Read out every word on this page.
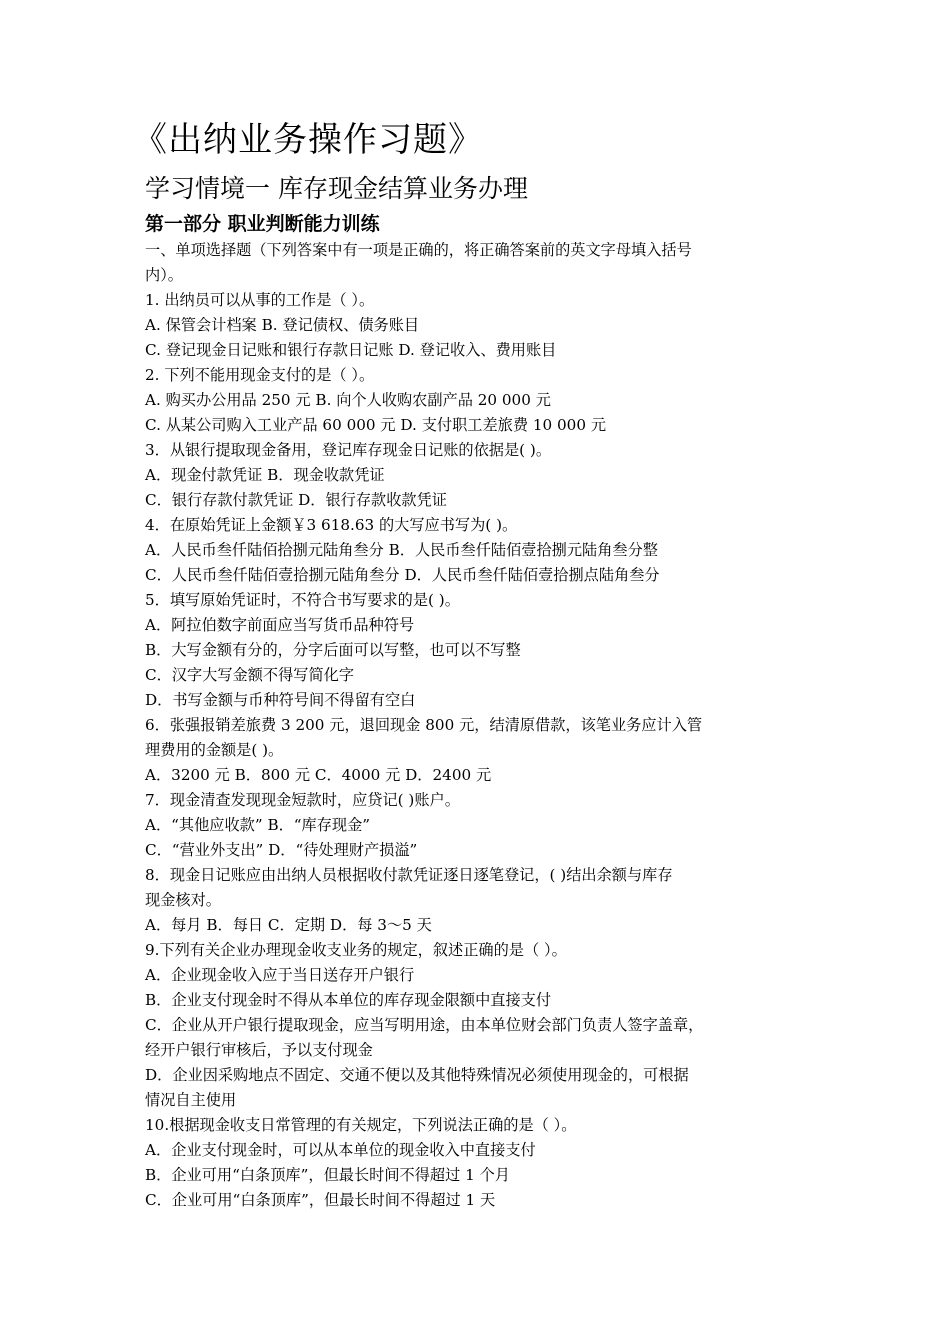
《出纳业务操作习题》
学习情境一 库存现金结算业务办理
第一部分 职业判断能力训练
一、单项选择题（下列答案中有一项是正确的，将正确答案前的英文字母填入括号
内）。
1. 出纳员可以从事的工作是（ ）。
A. 保管会计档案 B. 登记债权、债务账目
C. 登记现金日记账和银行存款日记账 D. 登记收入、费用账目
2. 下列不能用现金支付的是（ ）。
A. 购买办公用品 250 元 B. 向个人收购农副产品 20 000 元
C. 从某公司购入工业产品 60 000 元 D. 支付职工差旅费 10 000 元
3．从银行提取现金备用，登记库存现金日记账的依据是( )。
A．现金付款凭证 B．现金收款凭证
C．银行存款付款凭证 D．银行存款收款凭证
4．在原始凭证上金额￥3 618.63 的大写应书写为( )。
A．人民币叁仟陆佰拾捌元陆角叁分 B．人民币叁仟陆佰壹拾捌元陆角叁分整
C．人民币叁仟陆佰壹拾捌元陆角叁分 D．人民币叁仟陆佰壹拾捌点陆角叁分
5．填写原始凭证时，不符合书写要求的是( )。
A．阿拉伯数字前面应当写货币品种符号
B．大写金额有分的，分字后面可以写整，也可以不写整
C．汉字大写金额不得写简化字
D．书写金额与币种符号间不得留有空白
6．张强报销差旅费 3 200 元，退回现金 800 元，结清原借款，该笔业务应计入管
理费用的金额是( )。
A．3200 元 B．800 元 C．4000 元 D．2400 元
7．现金清查发现现金短款时，应贷记( )账户。
A．“其他应收款” B．“库存现金”
C．“营业外支出” D．“待处理财产损溢”
8．现金日记账应由出纳人员根据收付款凭证逐日逐笔登记，( )结出余额与库存
现金核对。
A．每月 B．每日 C．定期 D．每 3～5 天
9.下列有关企业办理现金收支业务的规定，叙述正确的是（ ）。
A．企业现金收入应于当日送存开户银行
B．企业支付现金时不得从本单位的库存现金限额中直接支付
C．企业从开户银行提取现金，应当写明用途，由本单位财会部门负责人签字盖章，
经开户银行审核后，予以支付现金
D．企业因采购地点不固定、交通不便以及其他特殊情况必须使用现金的，可根据
情况自主使用
10.根据现金收支日常管理的有关规定，下列说法正确的是（ ）。
A．企业支付现金时，可以从本单位的现金收入中直接支付
B．企业可用“白条顶库”，但最长时间不得超过 1 个月
C．企业可用“白条顶库”，但最长时间不得超过 1 天
